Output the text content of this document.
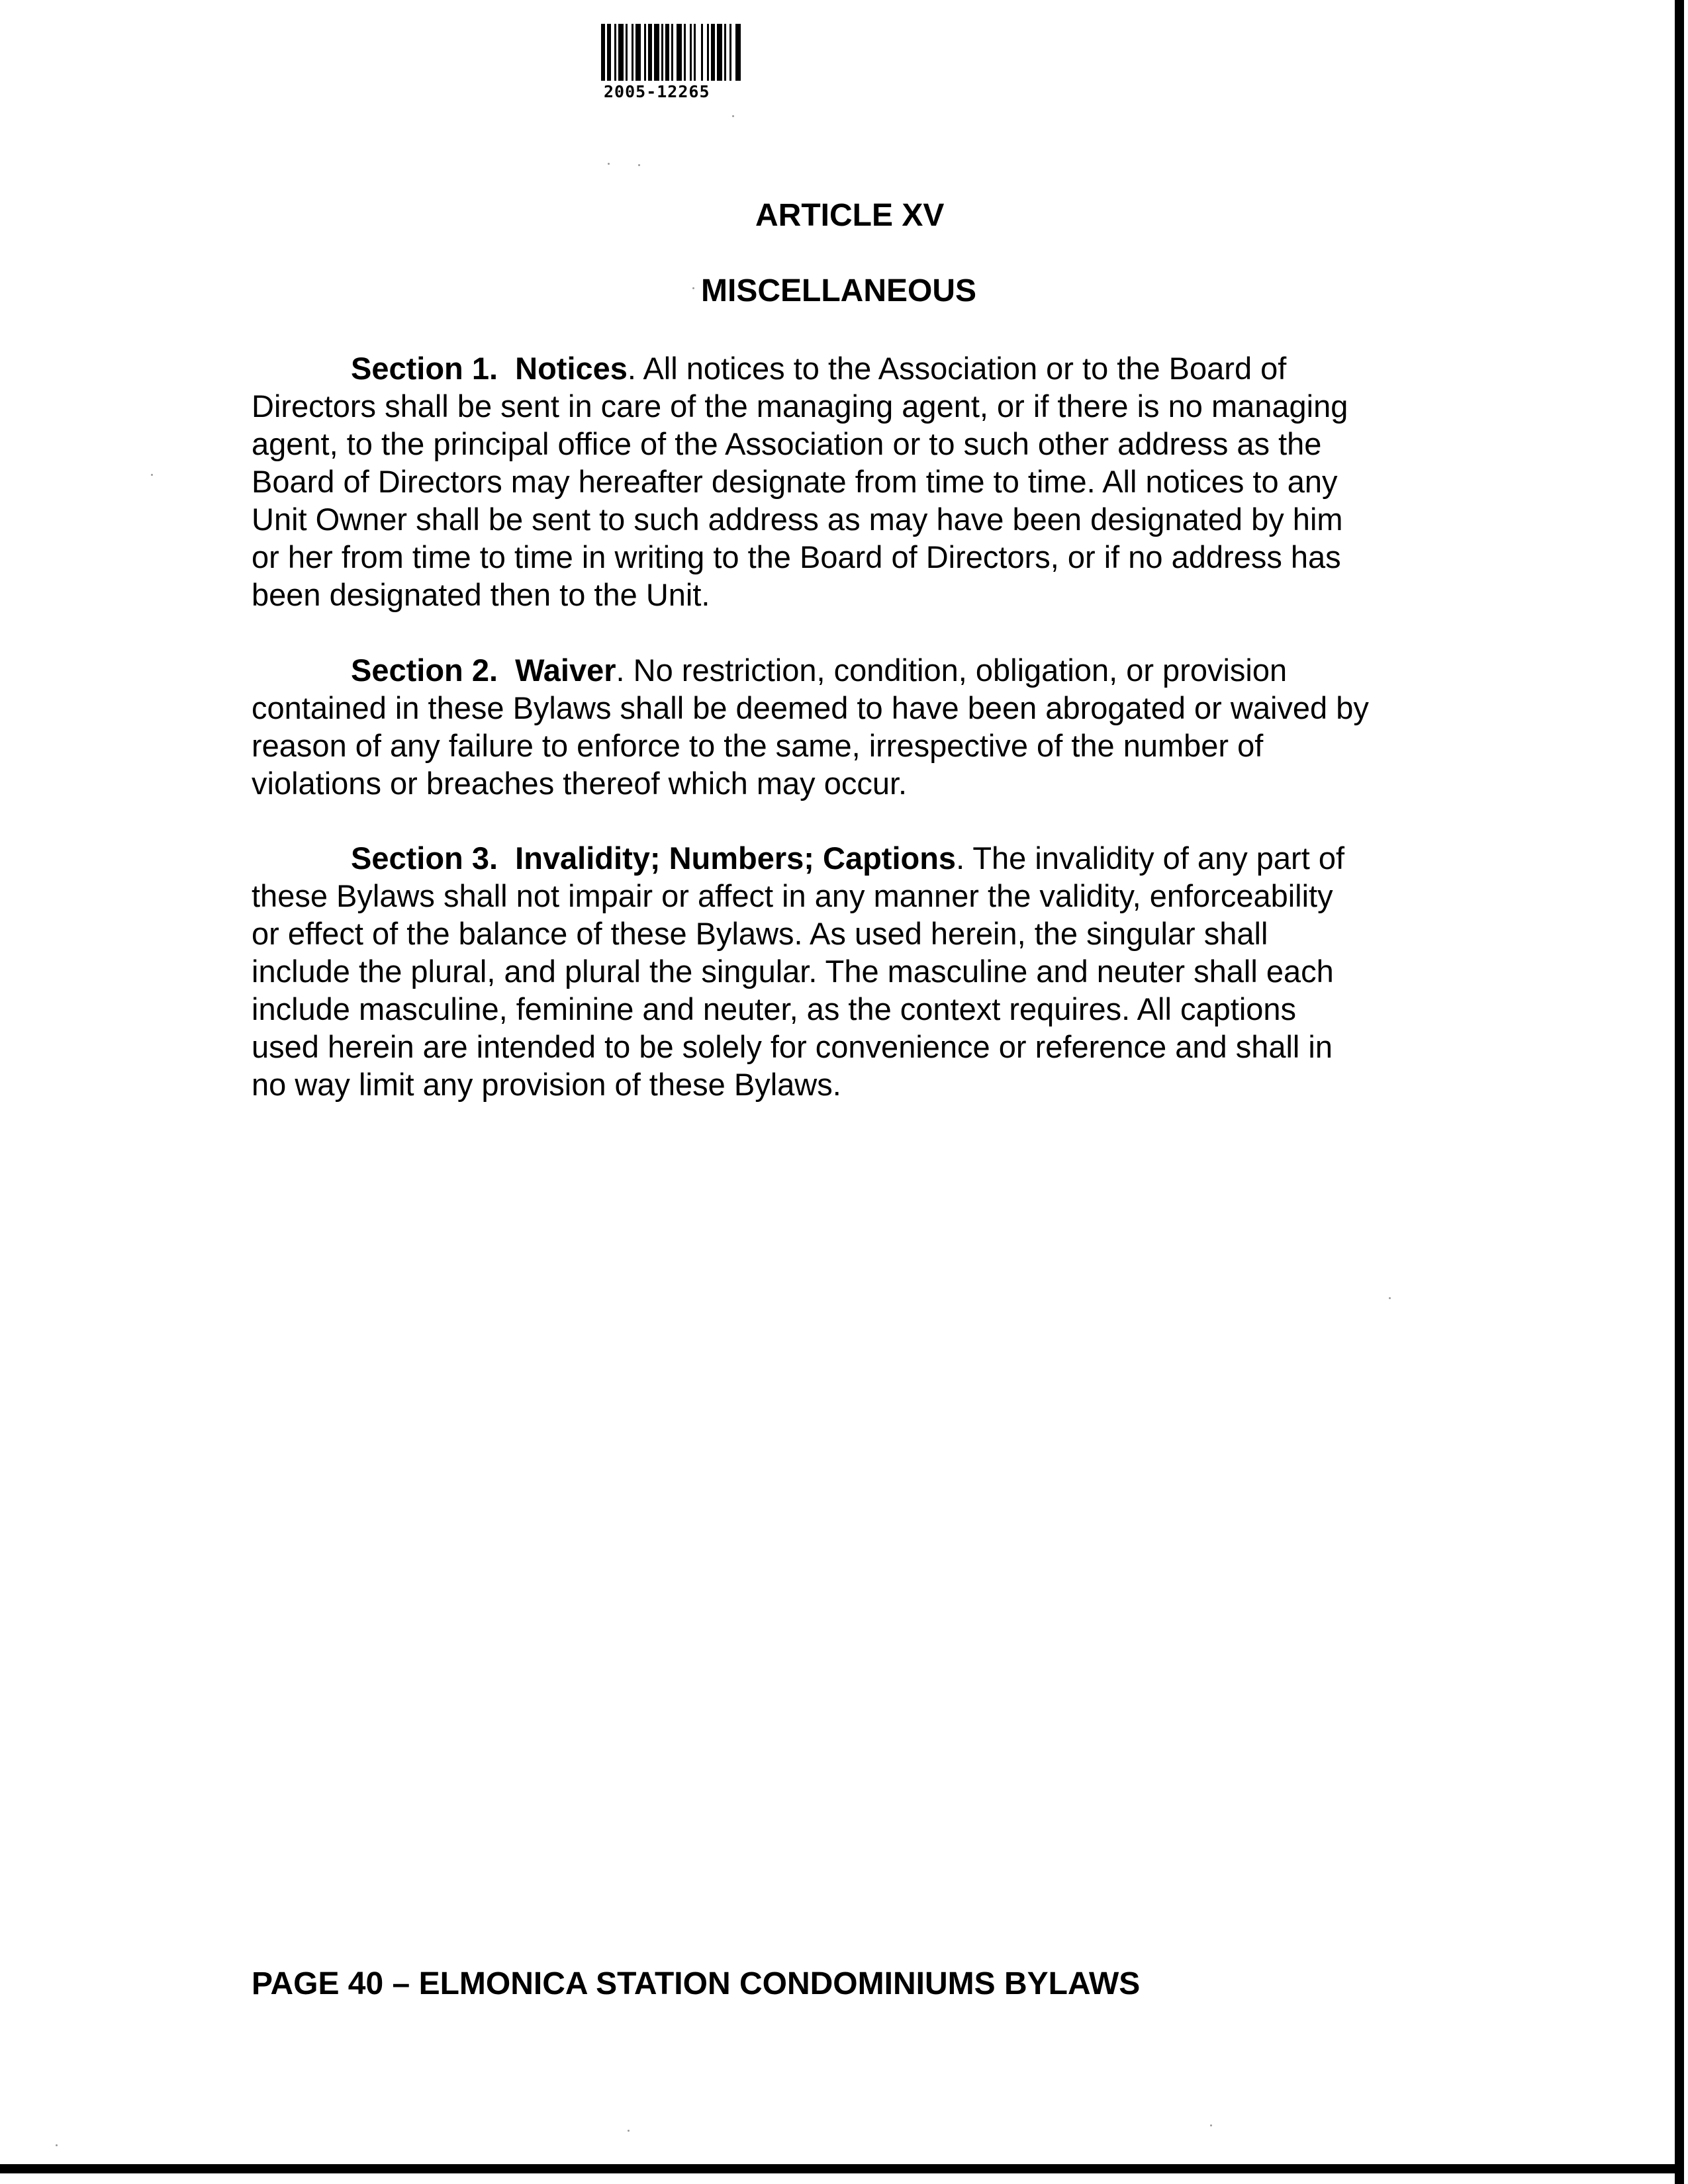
2005-12265
ARTICLE XV
MISCELLANEOUS
Section 1. Notices. All notices to the Association or to the Board of
Directors shall be sent in care of the managing agent, or if there is no managing
agent, to the principal office of the Association or to such other address as the
Board of Directors may hereafter designate from time to time. All notices to any
Unit Owner shall be sent to such address as may have been designated by him
or her from time to time in writing to the Board of Directors, or if no address has
been designated then to the Unit.
Section 2. Waiver. No restriction, condition, obligation, or provision
contained in these Bylaws shall be deemed to have been abrogated or waived by
reason of any failure to enforce to the same, irrespective of the number of
violations or breaches thereof which may occur.
Section 3. Invalidity; Numbers; Captions. The invalidity of any part of
these Bylaws shall not impair or affect in any manner the validity, enforceability
or effect of the balance of these Bylaws. As used herein, the singular shall
include the plural, and plural the singular. The masculine and neuter shall each
include masculine, feminine and neuter, as the context requires. All captions
used herein are intended to be solely for convenience or reference and shall in
no way limit any provision of these Bylaws.
PAGE 40 – ELMONICA STATION CONDOMINIUMS BYLAWS
